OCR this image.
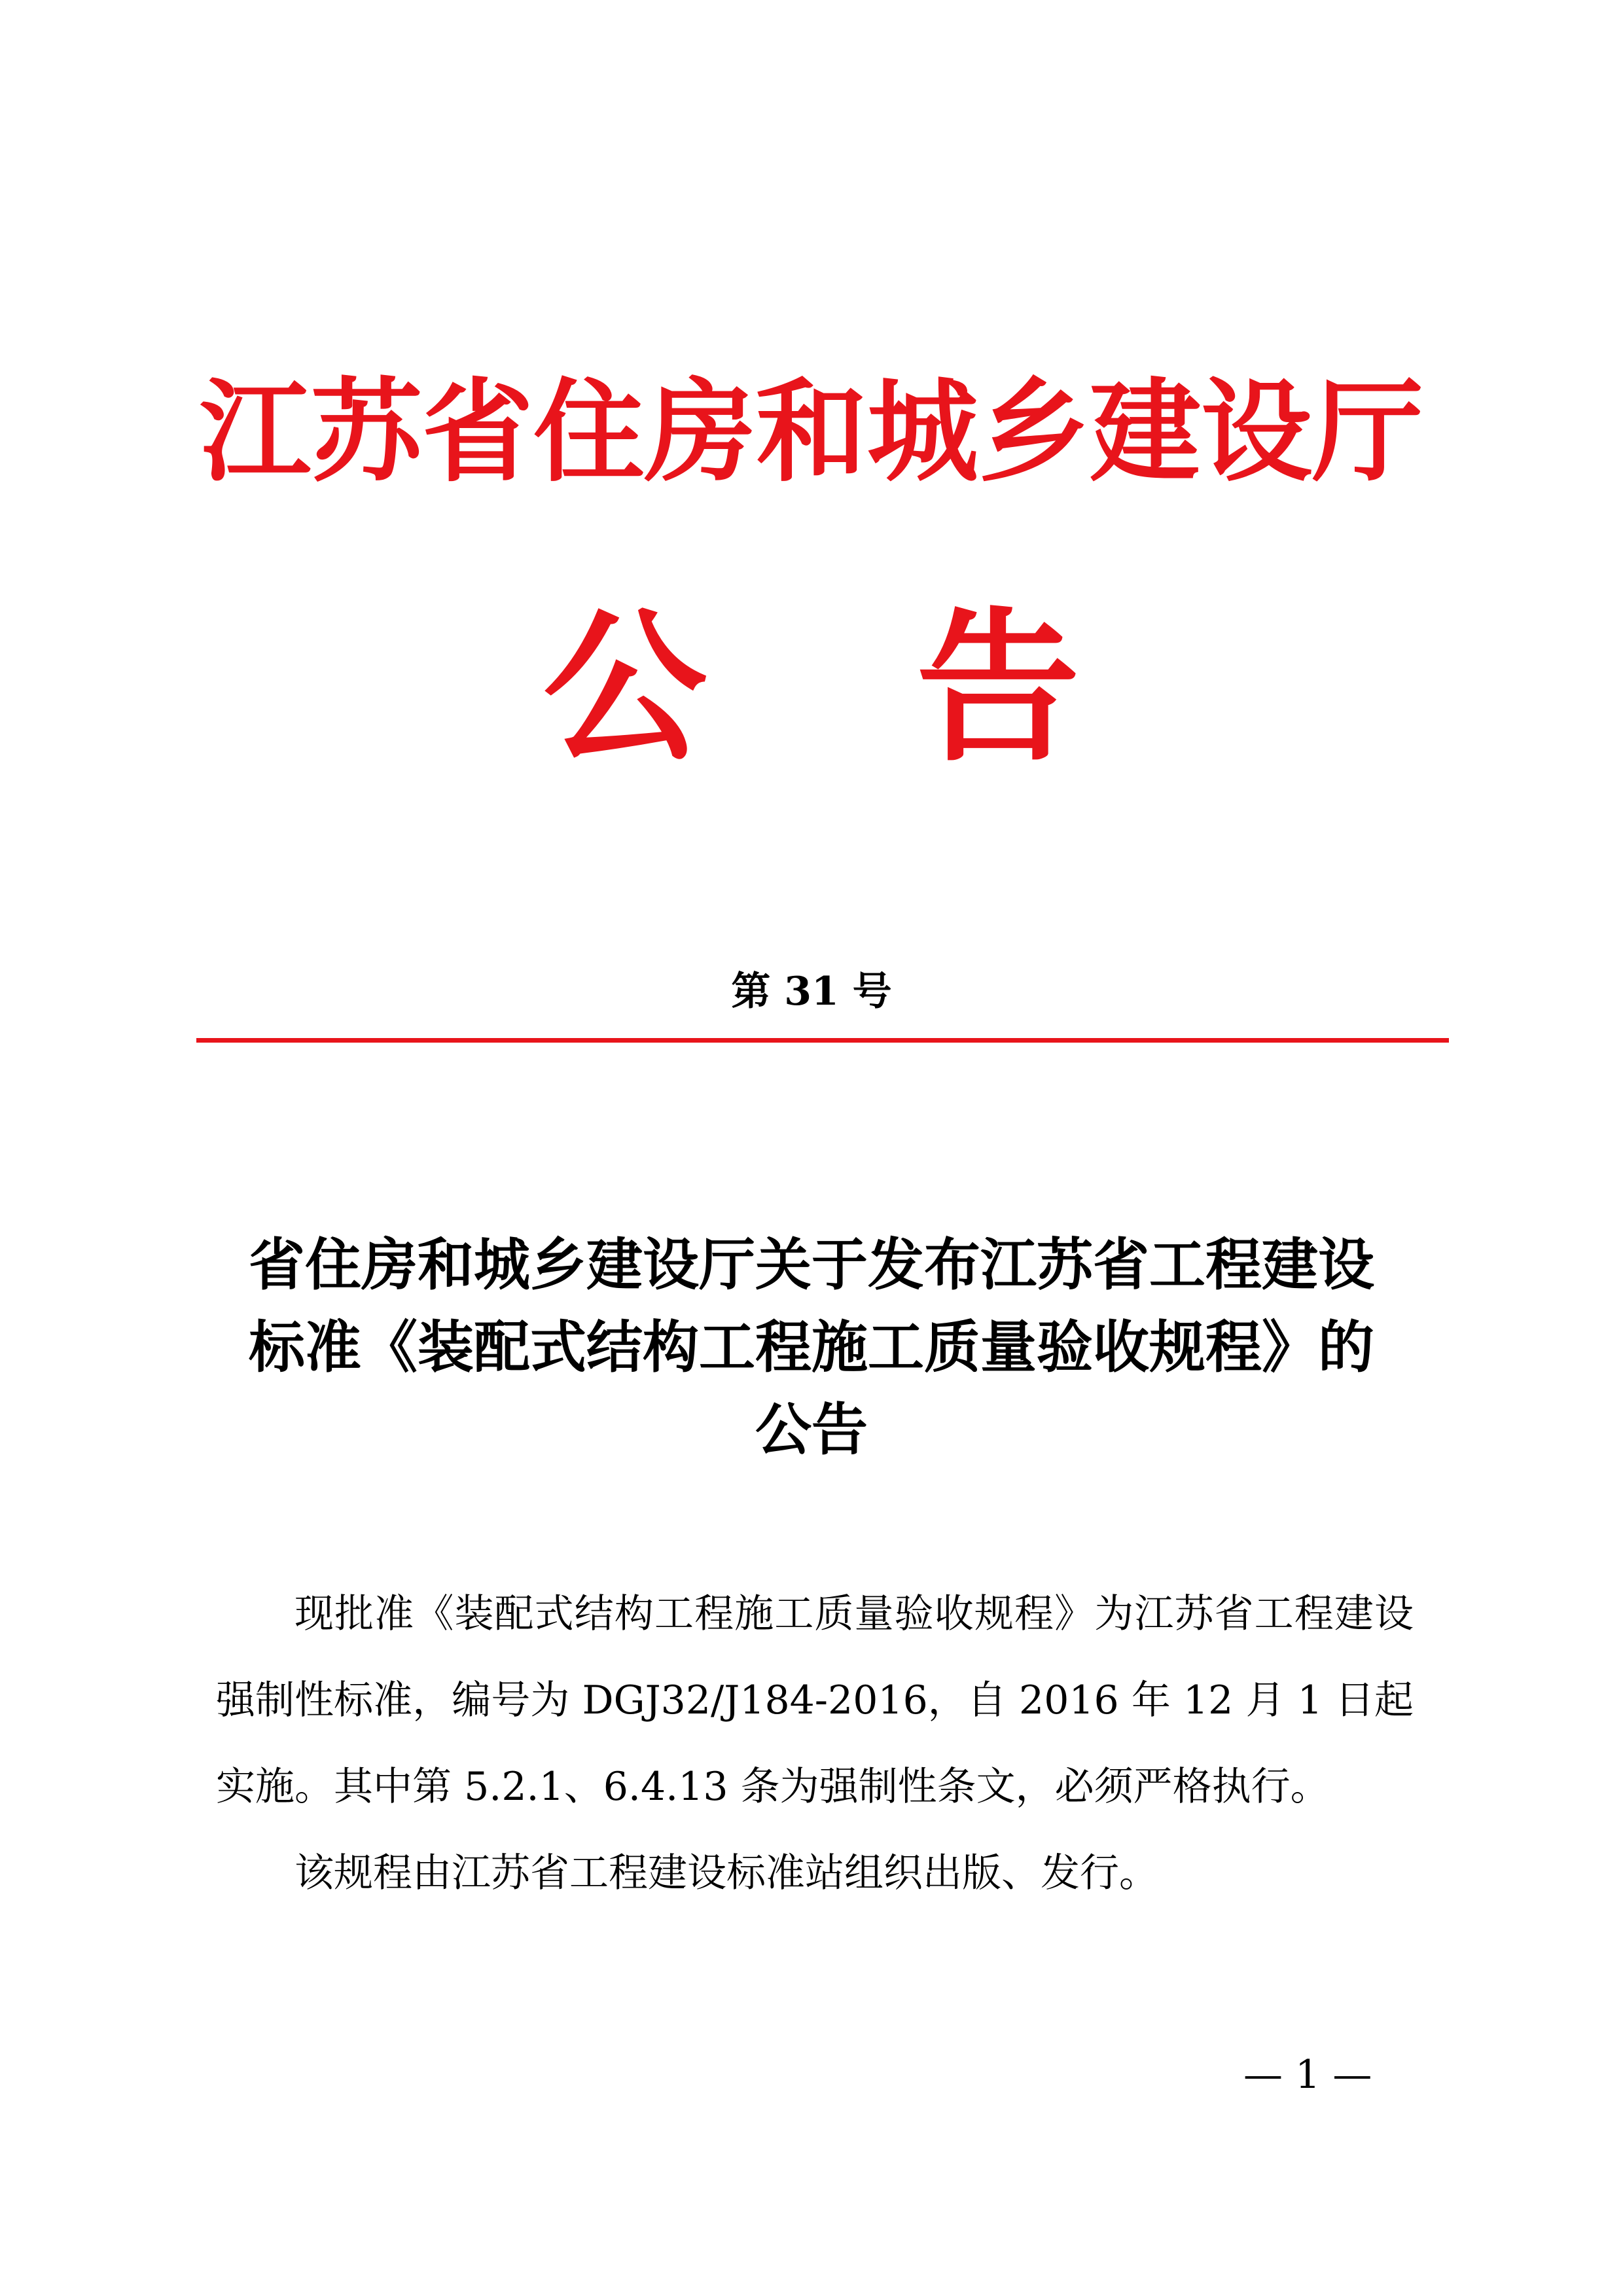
江苏省住房和城乡建设厅
公告
第 31 号
省住房和城乡建设厅关于发布江苏省工程建设
标准《装配式结构工程施工质量验收规程》的
公告

现批准《装配式结构工程施工质量验收规程》为江苏省工程建设强制性标准，编号为 DGJ32/J184-2016，自 2016 年 12 月 1 日起实施。其中第 5.2.1、6.4.13 条为强制性条文，必须严格执行。

该规程由江苏省工程建设标准站组织出版、发行。

— 1 —
